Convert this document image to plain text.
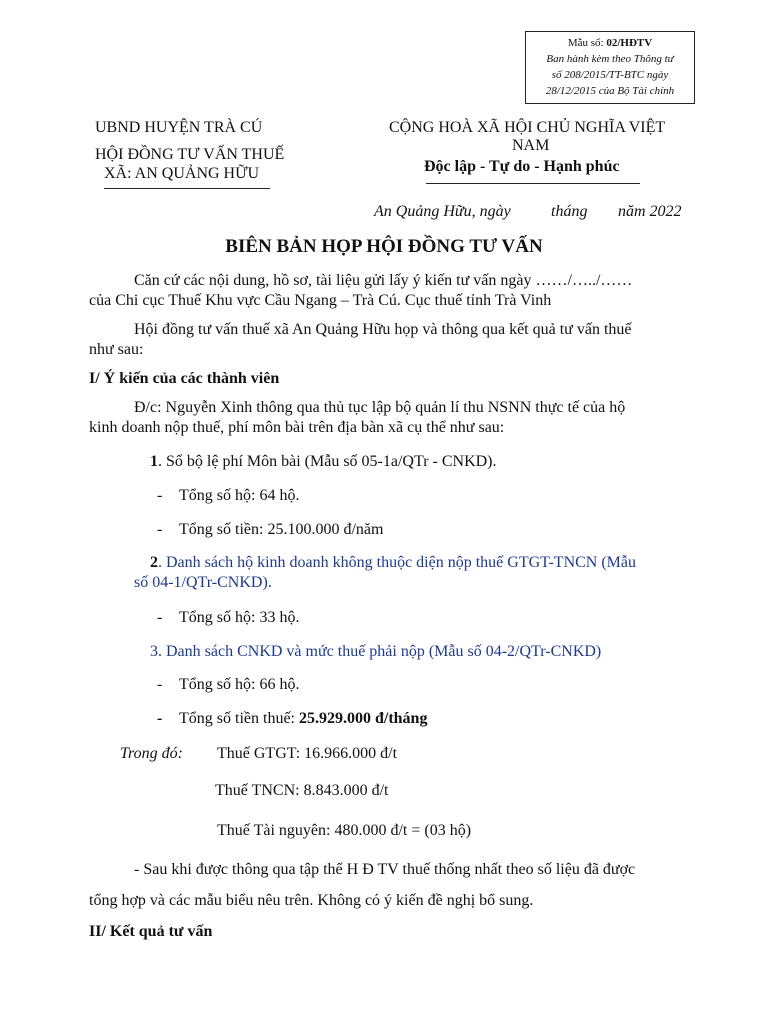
Mẫu số: 02/HĐTV
Ban hành kèm theo Thông tư
số 208/2015/TT-BTC ngày
28/12/2015 của Bộ Tài chính
UBND HUYỆN TRÀ CÚ
HỘI ĐỒNG TƯ VẤN THUẾ
XÃ: AN QUẢNG HỮU
CỘNG HOÀ XÃ HỘI CHỦ NGHĨA VIỆT
NAM
Độc lập - Tự do - Hạnh phúc
An Quảng Hữu, ngày	tháng năm 2022
BIÊN BẢN HỌP HỘI ĐỒNG TƯ VẤN
Căn cứ các nội dung, hồ sơ, tài liệu gửi lấy ý kiến tư vấn ngày ……/…../……
của Chi cục Thuế Khu vực Cầu Ngang – Trà Cú. Cục thuế tỉnh Trà Vinh
Hội đồng tư vấn thuế xã An Quảng Hữu họp và thông qua kết quả tư vấn thuế
như sau:
I/ Ý kiến của các thành viên
Đ/c: Nguyễn Xinh thông qua thủ tục lập bộ quản lí thu NSNN thực tế của hộ
kinh doanh nộp thuế, phí môn bài trên địa bàn xã cụ thể như sau:
1. Sổ bộ lệ phí Môn bài (Mẫu số 05-1a/QTr - CNKD).
- Tổng số hộ: 64 hộ.
- Tổng số tiền: 25.100.000 đ/năm
2. Danh sách hộ kinh doanh không thuộc diện nộp thuế GTGT-TNCN (Mẫu
số 04-1/QTr-CNKD).
- Tổng số hộ: 33 hộ.
3. Danh sách CNKD và mức thuế phải nộp (Mẫu số 04-2/QTr-CNKD)
- Tổng số hộ: 66 hộ.
- Tổng số tiền thuế: 25.929.000 đ/tháng
Trong đó: Thuế GTGT: 16.966.000 đ/t
Thuế TNCN: 8.843.000 đ/t
Thuế Tài nguyên: 480.000 đ/t = (03 hộ)
- Sau khi được thông qua tập thể H Đ TV thuế thống nhất theo số liệu đã được
tổng hợp và các mẫu biểu nêu trên. Không có ý kiến đề nghị bổ sung.
II/ Kết quả tư vấn
